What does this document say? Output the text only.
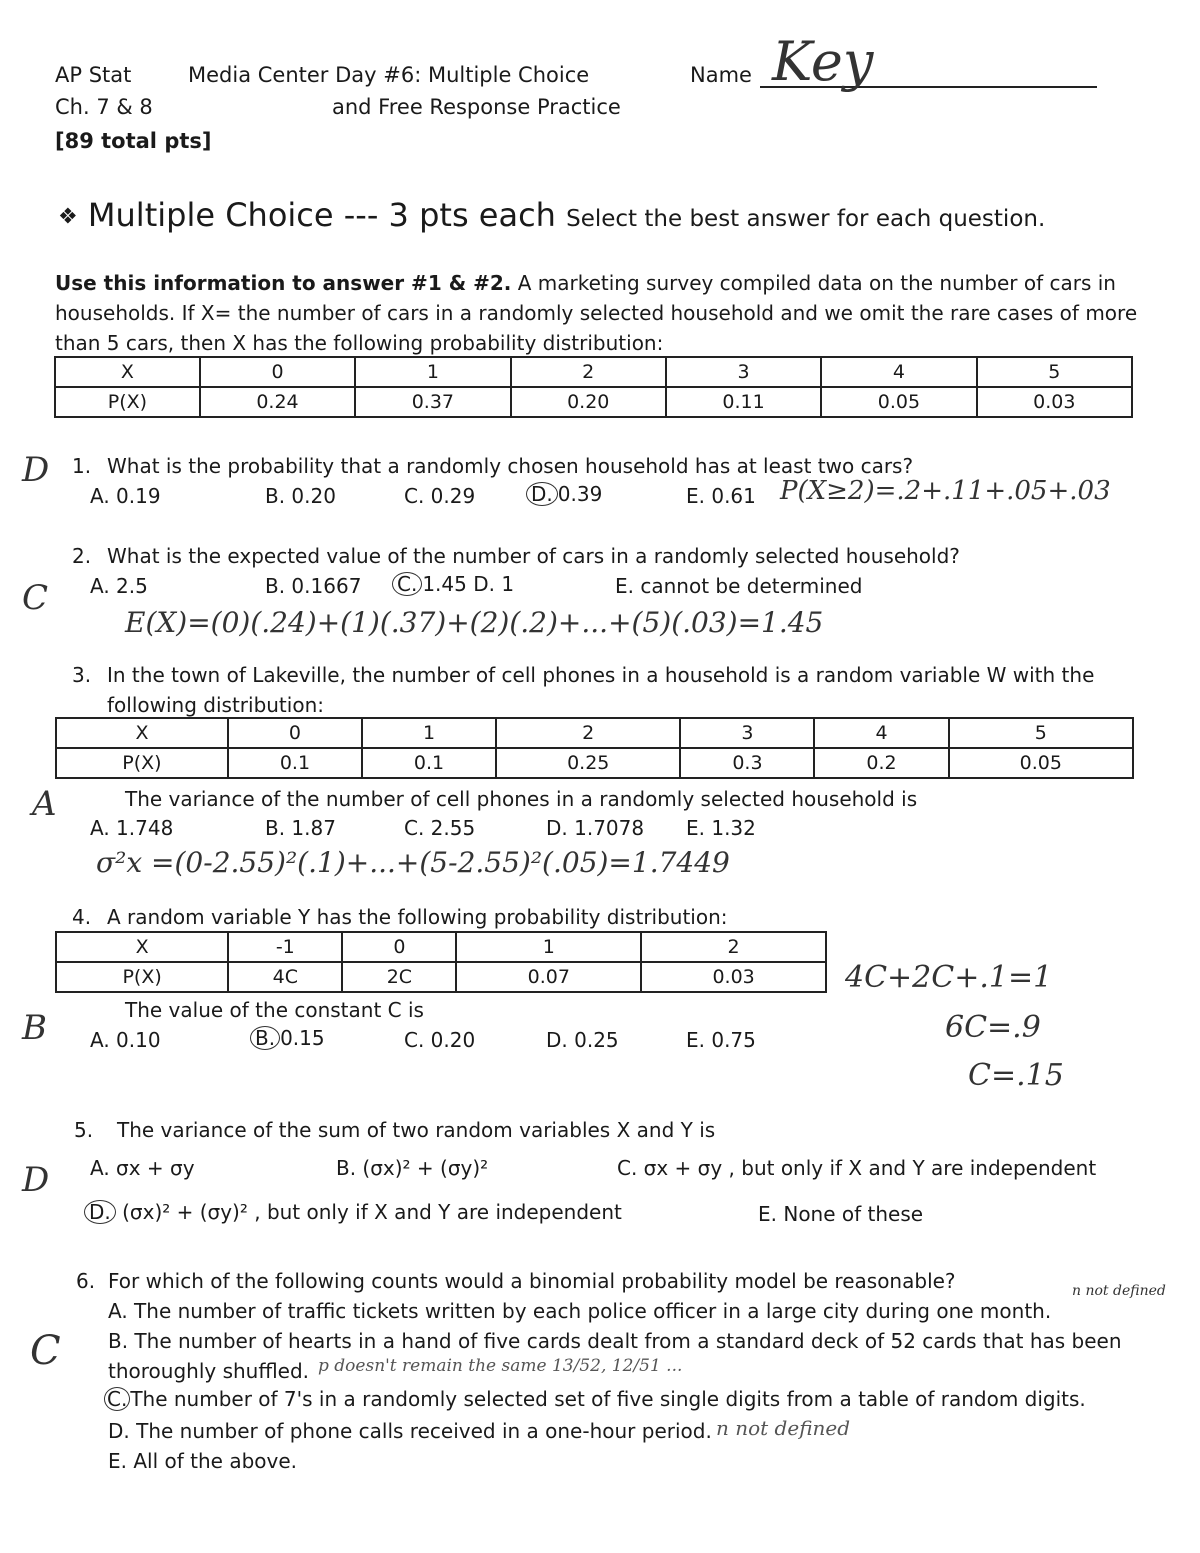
AP Stat
Ch. 7 & 8
[89 total pts]
Media Center Day #6: Multiple Choice
and Free Response Practice
Name Key
❖ Multiple Choice --- 3 pts each Select the best answer for each question.
Use this information to answer #1 & #2. A marketing survey compiled data on the number of cars in
households. If X= the number of cars in a randomly selected household and we omit the rare cases of more
than 5 cars, then X has the following probability distribution:
X	0	1	2	3	4	5
P(X)	0.24	0.37	0.20	0.11	0.05	0.03
D 1. What is the probability that a randomly chosen household has at least two cars?
A. 0.19	B. 0.20	C. 0.29	D. 0.39	E. 0.61 P(X≥2)=.2+.11+.05+.03
2. What is the expected value of the number of cars in a randomly selected household?
C A. 2.5	B. 0.1667 C. 1.45 D. 1	E. cannot be determined
E(X)=(0)(.24)+(1)(.37)+(2)(.2)+...+(5)(.03)=1.45
3. In the town of Lakeville, the number of cell phones in a household is a random variable W with the
following distribution:
X	0	1	2	3	4	5
P(X)	0.1	0.1	0.25	0.3	0.2	0.05
A	The variance of the number of cell phones in a randomly selected household is
A. 1.748	B. 1.87	C. 2.55	D. 1.7078 E. 1.32
σ²x =(0-2.55)²(.1)+...+(5-2.55)²(.05)=1.7449
4. A random variable Y has the following probability distribution:
X	-1	0	1	2
P(X)	4C	2C	0.07	0.03	4C+2C+.1=1
6C=.9
C=.15
The value of the constant C is
B A. 0.10	B. 0.15	C. 0.20	D. 0.25	E. 0.75
5. The variance of the sum of two random variables X and Y is
D A. σx + σy	B. (σx)² + (σy)²	C. σx + σy , but only if X and Y are independent
D. (σx)² + (σy)² , but only if X and Y are independent	E. None of these
6. For which of the following counts would a binomial probability model be reasonable?
A. The number of traffic tickets written by each police officer in a large city during one month.
n not defined
C B. The number of hearts in a hand of five cards dealt from a standard deck of 52 cards that has been
thoroughly shuffled. p doesn't remain the same 13/52, 12/51 ...
C. The number of 7's in a randomly selected set of five single digits from a table of random digits.
D. The number of phone calls received in a one-hour period. n not defined
E. All of the above.
